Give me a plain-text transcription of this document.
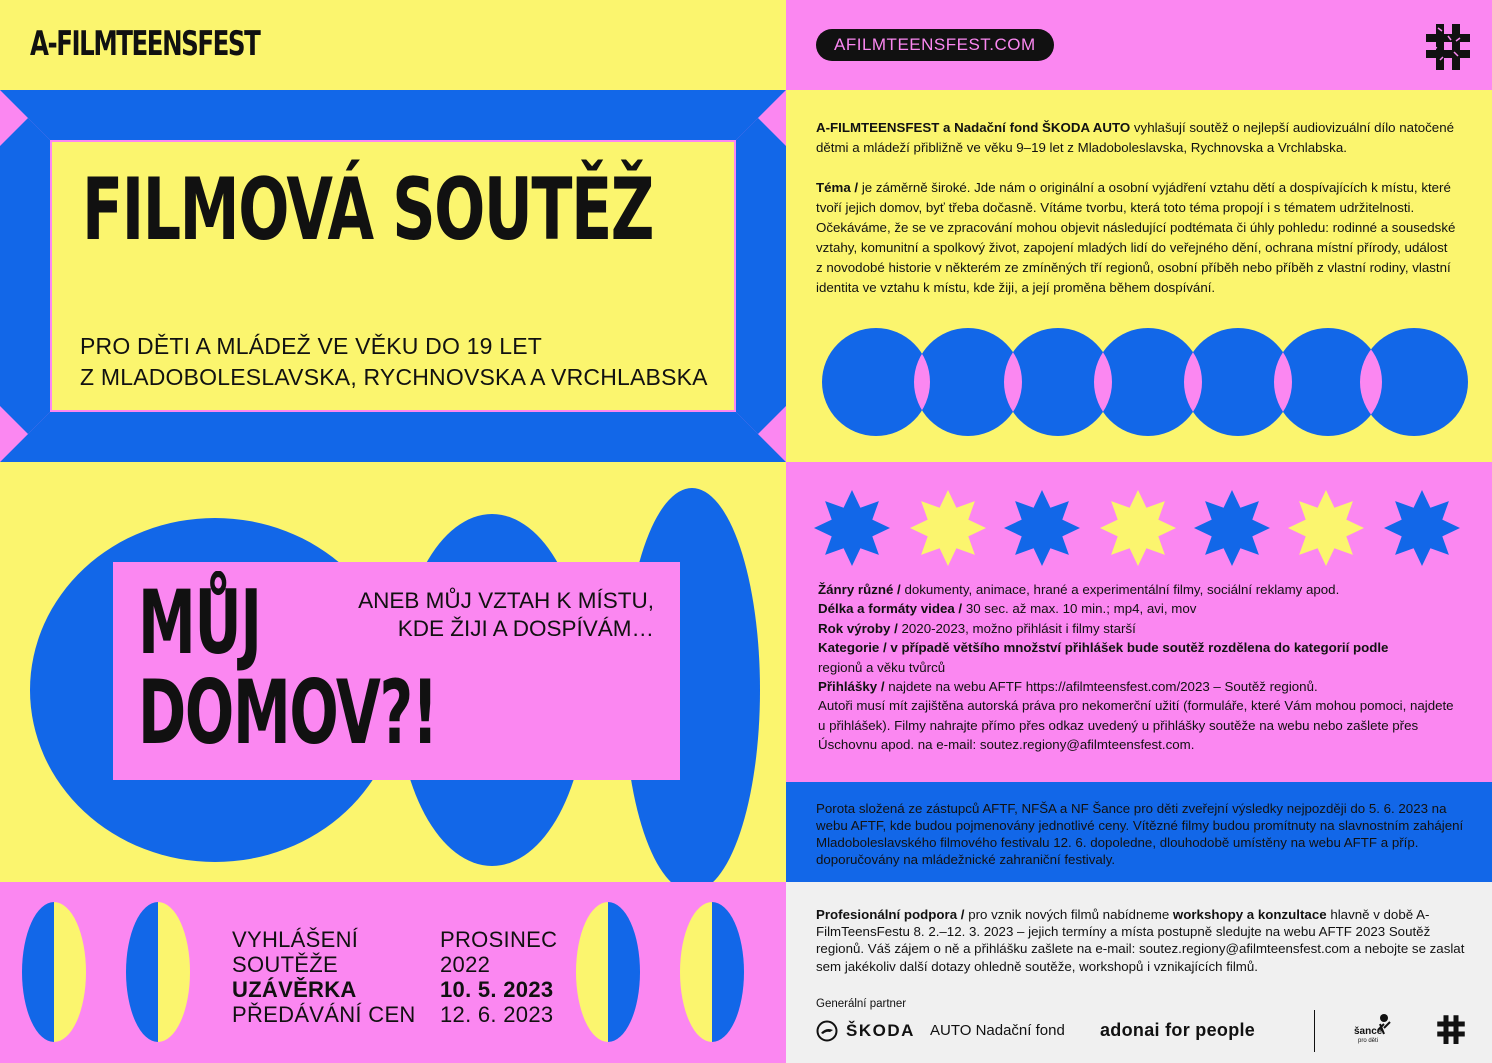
A-FILMTEENSFEST	AFILMTEENSFEST.COM
FILMOVÁ SOUTĚŽ
PRO DĚTI A MLÁDEŽ VE VĚKU DO 19 LET
Z MLADOBOLESLAVSKA, RYCHNOVSKA A VRCHLABSKA

A-FILMTEENSFEST a Nadační fond ŠKODA AUTO vyhlašují soutěž o nejlepší audiovizuální dílo natočené dětmi a mládeží přibližně ve věku 9–19 let z Mladoboleslavska, Rychnovska a Vrchlabska.

Téma / je záměrně široké. Jde nám o originální a osobní vyjádření vztahu dětí a dospívajících k místu, které tvoří jejich domov, byť třeba dočasně. Vítáme tvorbu, která toto téma propojí i s tématem udržitelnosti. Očekáváme, že se ve zpracování mohou objevit následující podtémata či úhly pohledu: rodinné a sousedské vztahy, komunitní a spolkový život, zapojení mladých lidí do veřejného dění, ochrana místní přírody, událost z novodobé historie v některém ze zmíněných tří regionů, osobní příběh nebo příběh z vlastní rodiny, vlastní identita ve vztahu k místu, kde žiji, a její proměna během dospívání.

MŮJ
DOMOV?!
ANEB MŮJ VZTAH K MÍSTU,
KDE ŽIJI A DOSPÍVÁM…
Žánry různé / dokumenty, animace, hrané a experimentální filmy, sociální reklamy apod.
Délka a formáty videa / 30 sec. až max. 10 min.; mp4, avi, mov
Rok výroby / 2020-2023, možno přihlásit i filmy starší
Kategorie / v případě většího množství přihlášek bude soutěž rozdělena do kategorií podle
regionů a věku tvůrců
Přihlášky / najdete na webu AFTF https://afilmteensfest.com/2023 – Soutěž regionů.
Autoři musí mít zajištěna autorská práva pro nekomerční užití (formuláře, které Vám mohou pomoci, najdete u přihlášek). Filmy nahrajte přímo přes odkaz uvedený u přihlášky soutěže na webu nebo zašlete přes Úschovnu apod. na e-mail: soutez.regiony@afilmteensfest.com.
Porota složená ze zástupců AFTF, NFŠA a NF Šance pro děti zveřejní výsledky nejpozději do 5. 6. 2023 na webu AFTF, kde budou pojmenovány jednotlivé ceny. Vítězné filmy budou promítnuty na slavnostním zahájení Mladoboleslavského filmového festivalu 12. 6. dopoledne, dlouhodobě umístěny na webu AFTF a příp. doporučovány na mládežnické zahraniční festivaly.
VYHLÁŠENÍ
SOUTĚŽE
UZÁVĚRKA
PŘEDÁVÁNÍ CEN
PROSINEC
2022
10. 5. 2023
12. 6. 2023
Profesionální podpora / pro vznik nových filmů nabídneme workshopy a konzultace hlavně v době A-FilmTeensFestu 8. 2.–12. 3. 2023 – jejich termíny a místa postupně sledujte na webu AFTF 2023 Soutěž regionů. Váš zájem o ně a přihlášku zašlete na e-mail: soutez.regiony@afilmteensfest.com a nebojte se zaslat sem jakékoliv další dotazy ohledně soutěže, workshopů i vznikajících filmů.
Generální partner
ŠKODA AUTO Nadační fond adonai for people	šance
pro děti
